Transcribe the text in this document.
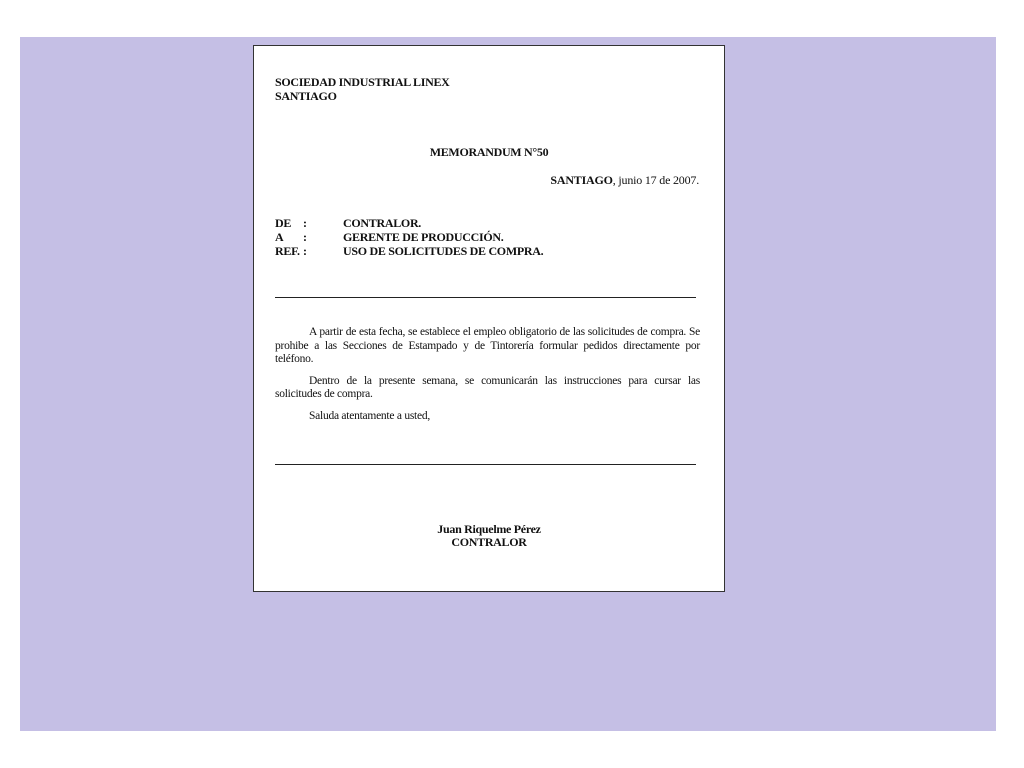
SOCIEDAD INDUSTRIAL LINEX
SANTIAGO
MEMORANDUM N°50
SANTIAGO, junio 17 de 2007.
DE :	CONTRALOR.
A	:	GERENTE DE PRODUCCIÓN.
REF. :	USO DE SOLICITUDES DE COMPRA.

A partir de esta fecha, se establece el empleo obligatorio de las solicitudes de compra. Se prohibe a las Secciones de Estampado y de Tintorería formular pedidos directamente por teléfono.

Dentro de la presente semana, se comunicarán las instrucciones para cursar las solicitudes de compra.

Saluda atentamente a usted,

Juan Riquelme Pérez
CONTRALOR
